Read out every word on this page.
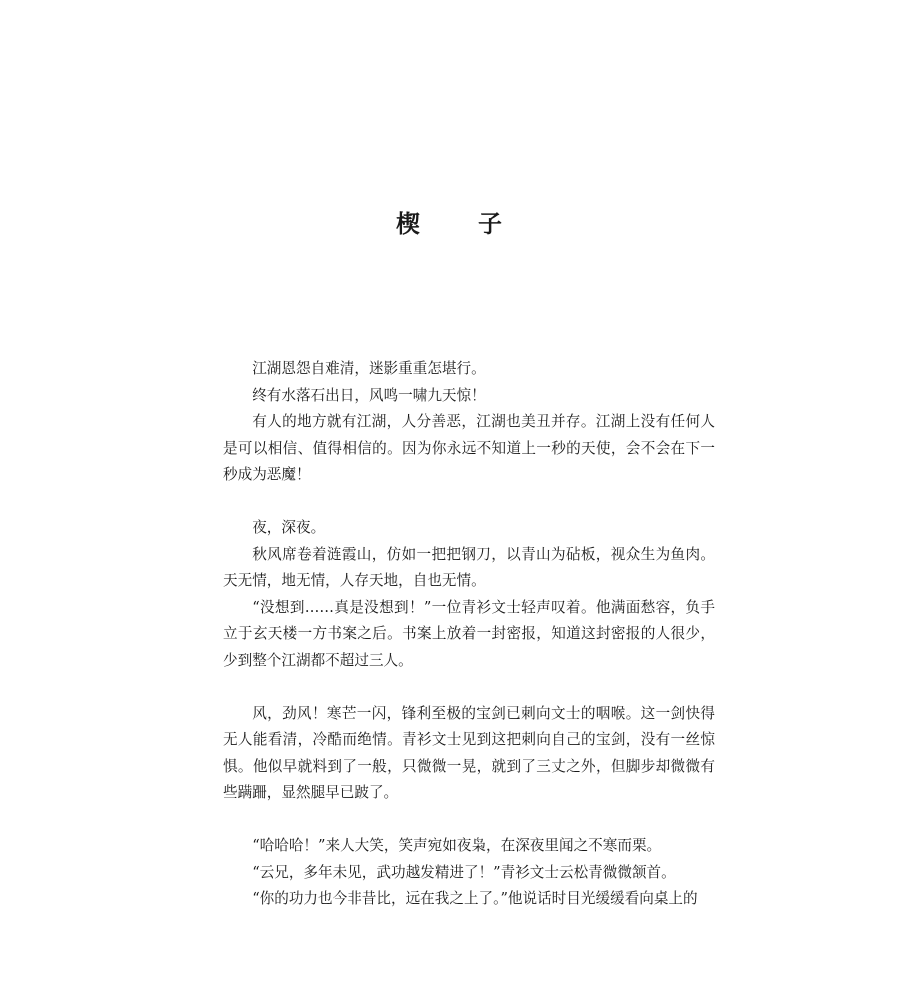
楔 子

江湖恩怨自难清，迷影重重怎堪行。

终有水落石出日，风鸣一啸九天惊！

有人的地方就有江湖，人分善恶，江湖也美丑并存。江湖上没有任何人是可以相信、值得相信的。因为你永远不知道上一秒的天使，会不会在下一秒成为恶魔！

夜，深夜。

秋风席卷着涟霞山，仿如一把把钢刀，以青山为砧板，视众生为鱼肉。天无情，地无情，人存天地，自也无情。

“没想到……真是没想到！”一位青衫文士轻声叹着。他满面愁容，负手立于玄天楼一方书案之后。书案上放着一封密报，知道这封密报的人很少，少到整个江湖都不超过三人。

风，劲风！寒芒一闪，锋利至极的宝剑已刺向文士的咽喉。这一剑快得无人能看清，冷酷而绝情。青衫文士见到这把刺向自己的宝剑，没有一丝惊惧。他似早就料到了一般，只微微一晃，就到了三丈之外，但脚步却微微有些蹒跚，显然腿早已跛了。

“哈哈哈！”来人大笑，笑声宛如夜枭，在深夜里闻之不寒而栗。

“云兄，多年未见，武功越发精进了！”青衫文士云松青微微颔首。

“你的功力也今非昔比，远在我之上了。”他说话时目光缓缓看向桌上的
